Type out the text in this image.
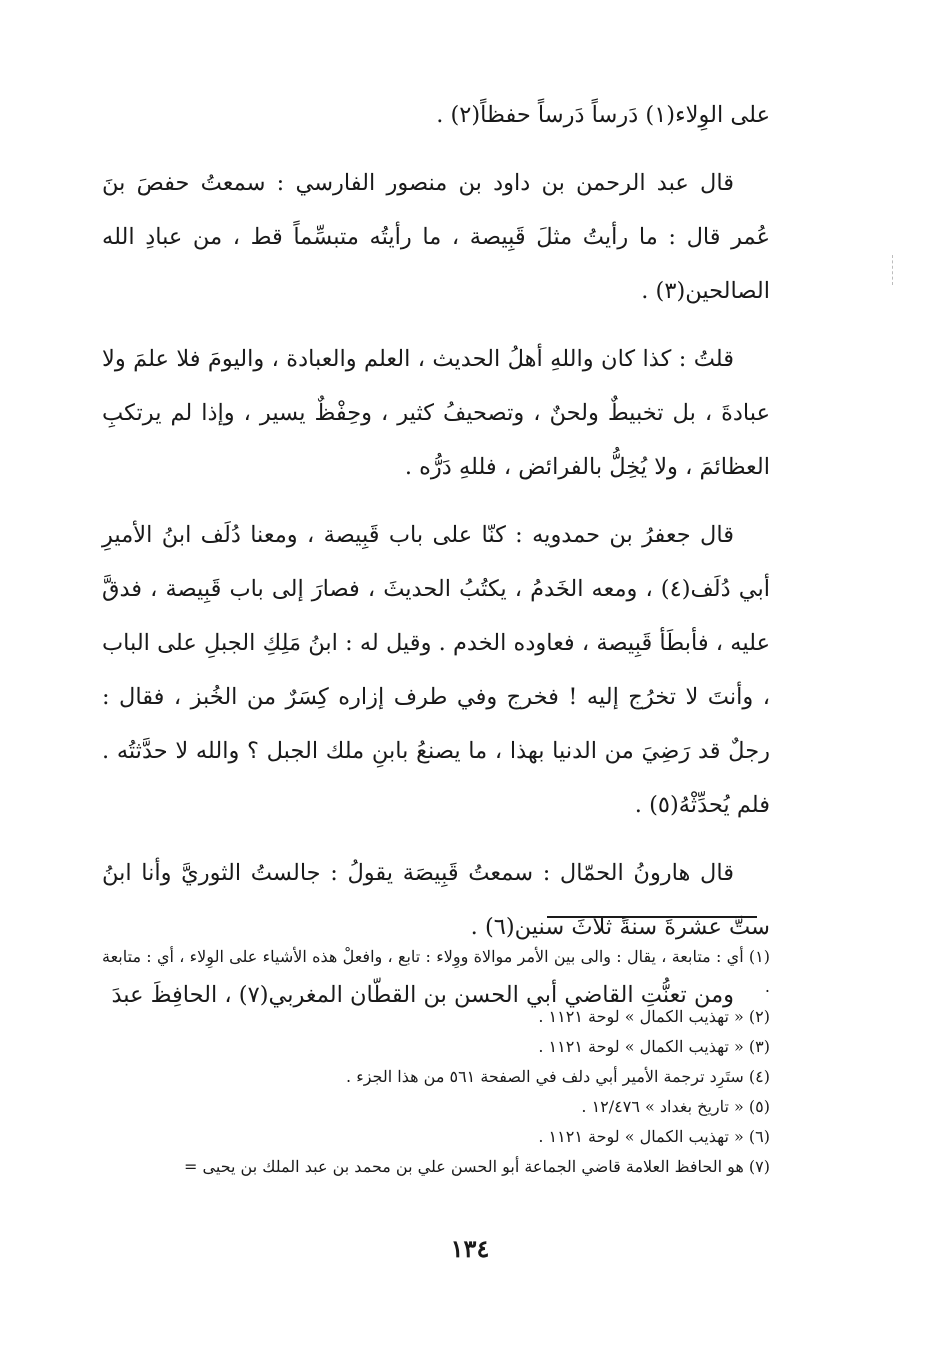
على الوِلاء(١) دَرساً دَرساً حفظاً(٢) .

قال عبد الرحمن بن داود بن منصور الفارسي : سمعتُ حفصَ بنَ عُمر قال : ما رأيتُ مثلَ قَبِيصة ، ما رأيتُه متبسِّماً قط ، من عبادِ الله الصالحين(٣) .

قلتُ : كذا كان واللهِ أهلُ الحديث ، العلم والعبادة ، واليومَ فلا علمَ ولا عبادةَ ، بل تخبيطٌ ولحنٌ ، وتصحيفُ كثير ، وحِفْظٌ يسير ، وإذا لم يرتكبِ العظائمَ ، ولا يُخِلُّ بالفرائض ، فللهِ دَرُّه .

قال جعفرُ بن حمدويه : كنّا على باب قَبِيصة ، ومعنا دُلَف ابنُ الأميرِ أبي دُلَف(٤) ، ومعه الخَدمُ ، يكتُبُ الحديثَ ، فصارَ إلى باب قَبِيصة ، فدقَّ عليه ، فأبطَأ قَبِيصة ، فعاوده الخدم . وقيل له : ابنُ مَلِكِ الجبلِ على الباب ، وأنتَ لا تخرُج إليه ! فخرج وفي طرف إزاره كِسَرٌ من الخُبز ، فقال : رجلٌ قد رَضِيَ من الدنيا بهذا ، ما يصنعُ بابنِ ملك الجبل ؟ والله لا حدَّثتُه . فلم يُحدِّثْهُ(٥) .

قال هارونُ الحمّال : سمعتُ قَبِيصَة يقولُ : جالستُ الثوريَّ وأنا ابنُ ستَّ عشرةَ سنةً ثلاثَ سنين(٦) .

ومن تعنُّتِ القاضي أبي الحسن بن القطّان المغربي(٧) ، الحافِظَ عبدَ

(١) أي : متابعة ، يقال : والى بين الأمر موالاة ووِلاء : تابع ، وافعلْ هذه الأشياء على الوِلاء ، أي : متابعة .

(٢) « تهذيب الكمال » لوحة ١١٢١ .

(٣) « تهذيب الكمال » لوحة ١١٢١ .

(٤) ستَرِد ترجمة الأمير أبي دلف في الصفحة ٥٦١ من هذا الجزء .

(٥) « تاريخ بغداد » ١٢/٤٧٦ .

(٦) « تهذيب الكمال » لوحة ١١٢١ .

(٧) هو الحافظ العلامة قاضي الجماعة أبو الحسن علي بن محمد بن عبد الملك بن يحيى =

١٣٤
